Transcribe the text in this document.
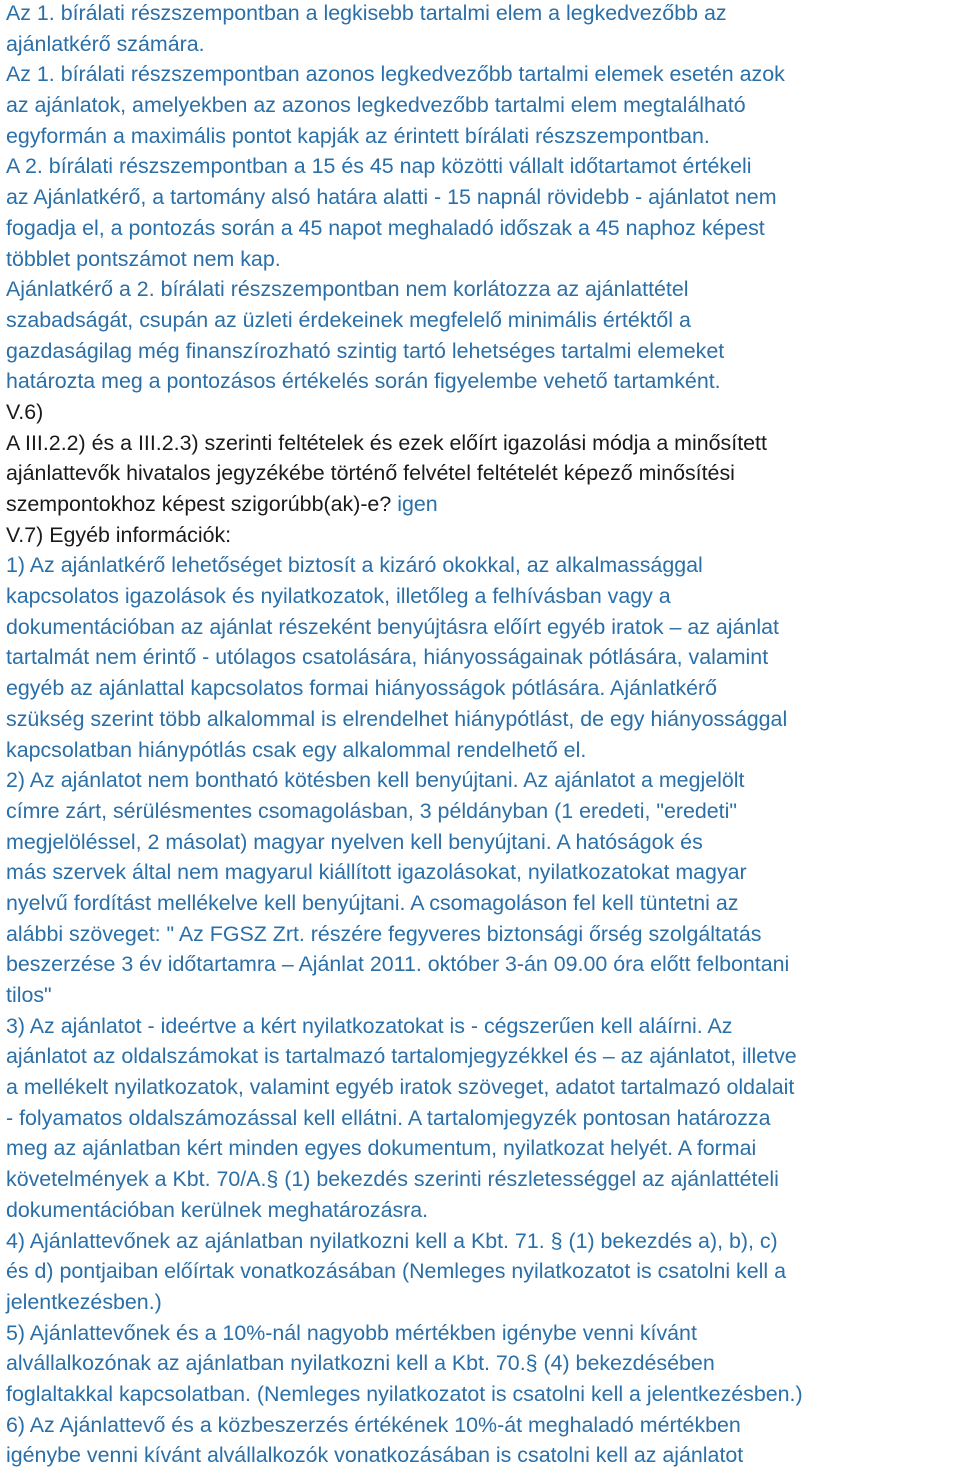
Az 1. bírálati részszempontban a legkisebb tartalmi elem a legkedvezőbb az
ajánlatkérő számára.
Az 1. bírálati részszempontban azonos legkedvezőbb tartalmi elemek esetén azok
az ajánlatok, amelyekben az azonos legkedvezőbb tartalmi elem megtalálható
egyformán a maximális pontot kapják az érintett bírálati részszempontban.
A 2. bírálati részszempontban a 15 és 45 nap közötti vállalt időtartamot értékeli
az Ajánlatkérő, a tartomány alsó határa alatti - 15 napnál rövidebb - ajánlatot nem
fogadja el, a pontozás során a 45 napot meghaladó időszak a 45 naphoz képest
többlet pontszámot nem kap.
Ajánlatkérő a 2. bírálati részszempontban nem korlátozza az ajánlattétel
szabadságát, csupán az üzleti érdekeinek megfelelő minimális értéktől a
gazdaságilag még finanszírozható szintig tartó lehetséges tartalmi elemeket
határozta meg a pontozásos értékelés során figyelembe vehető tartamként.
V.6)
A III.2.2) és a III.2.3) szerinti feltételek és ezek előírt igazolási módja a minősített
ajánlattevők hivatalos jegyzékébe történő felvétel feltételét képező minősítési
szempontokhoz képest szigorúbb(ak)-e? igen
V.7) Egyéb információk:
1) Az ajánlatkérő lehetőséget biztosít a kizáró okokkal, az alkalmassággal
kapcsolatos igazolások és nyilatkozatok, illetőleg a felhívásban vagy a
dokumentációban az ajánlat részeként benyújtásra előírt egyéb iratok – az ajánlat
tartalmát nem érintő - utólagos csatolására, hiányosságainak pótlására, valamint
egyéb az ajánlattal kapcsolatos formai hiányosságok pótlására. Ajánlatkérő
szükség szerint több alkalommal is elrendelhet hiánypótlást, de egy hiányossággal
kapcsolatban hiánypótlás csak egy alkalommal rendelhető el.
2) Az ajánlatot nem bontható kötésben kell benyújtani. Az ajánlatot a megjelölt
címre zárt, sérülésmentes csomagolásban, 3 példányban (1 eredeti, "eredeti"
megjelöléssel, 2 másolat) magyar nyelven kell benyújtani. A hatóságok és
más szervek által nem magyarul kiállított igazolásokat, nyilatkozatokat magyar
nyelvű fordítást mellékelve kell benyújtani. A csomagoláson fel kell tüntetni az
alábbi szöveget: " Az FGSZ Zrt. részére fegyveres biztonsági őrség szolgáltatás
beszerzése 3 év időtartamra – Ajánlat 2011. október 3-án 09.00 óra előtt felbontani
tilos"
3) Az ajánlatot - ideértve a kért nyilatkozatokat is - cégszerűen kell aláírni. Az
ajánlatot az oldalszámokat is tartalmazó tartalomjegyzékkel és – az ajánlatot, illetve
a mellékelt nyilatkozatok, valamint egyéb iratok szöveget, adatot tartalmazó oldalait
- folyamatos oldalszámozással kell ellátni. A tartalomjegyzék pontosan határozza
meg az ajánlatban kért minden egyes dokumentum, nyilatkozat helyét. A formai
követelmények a Kbt. 70/A.§ (1) bekezdés szerinti részletességgel az ajánlattételi
dokumentációban kerülnek meghatározásra.
4) Ajánlattevőnek az ajánlatban nyilatkozni kell a Kbt. 71. § (1) bekezdés a), b), c)
és d) pontjaiban előírtak vonatkozásában (Nemleges nyilatkozatot is csatolni kell a
jelentkezésben.)
5) Ajánlattevőnek és a 10%-nál nagyobb mértékben igénybe venni kívánt
alvállalkozónak az ajánlatban nyilatkozni kell a Kbt. 70.§ (4) bekezdésében
foglaltakkal kapcsolatban. (Nemleges nyilatkozatot is csatolni kell a jelentkezésben.)
6) Az Ajánlattevő és a közbeszerzés értékének 10%-át meghaladó mértékben
igénybe venni kívánt alvállalkozók vonatkozásában is csatolni kell az ajánlatot
